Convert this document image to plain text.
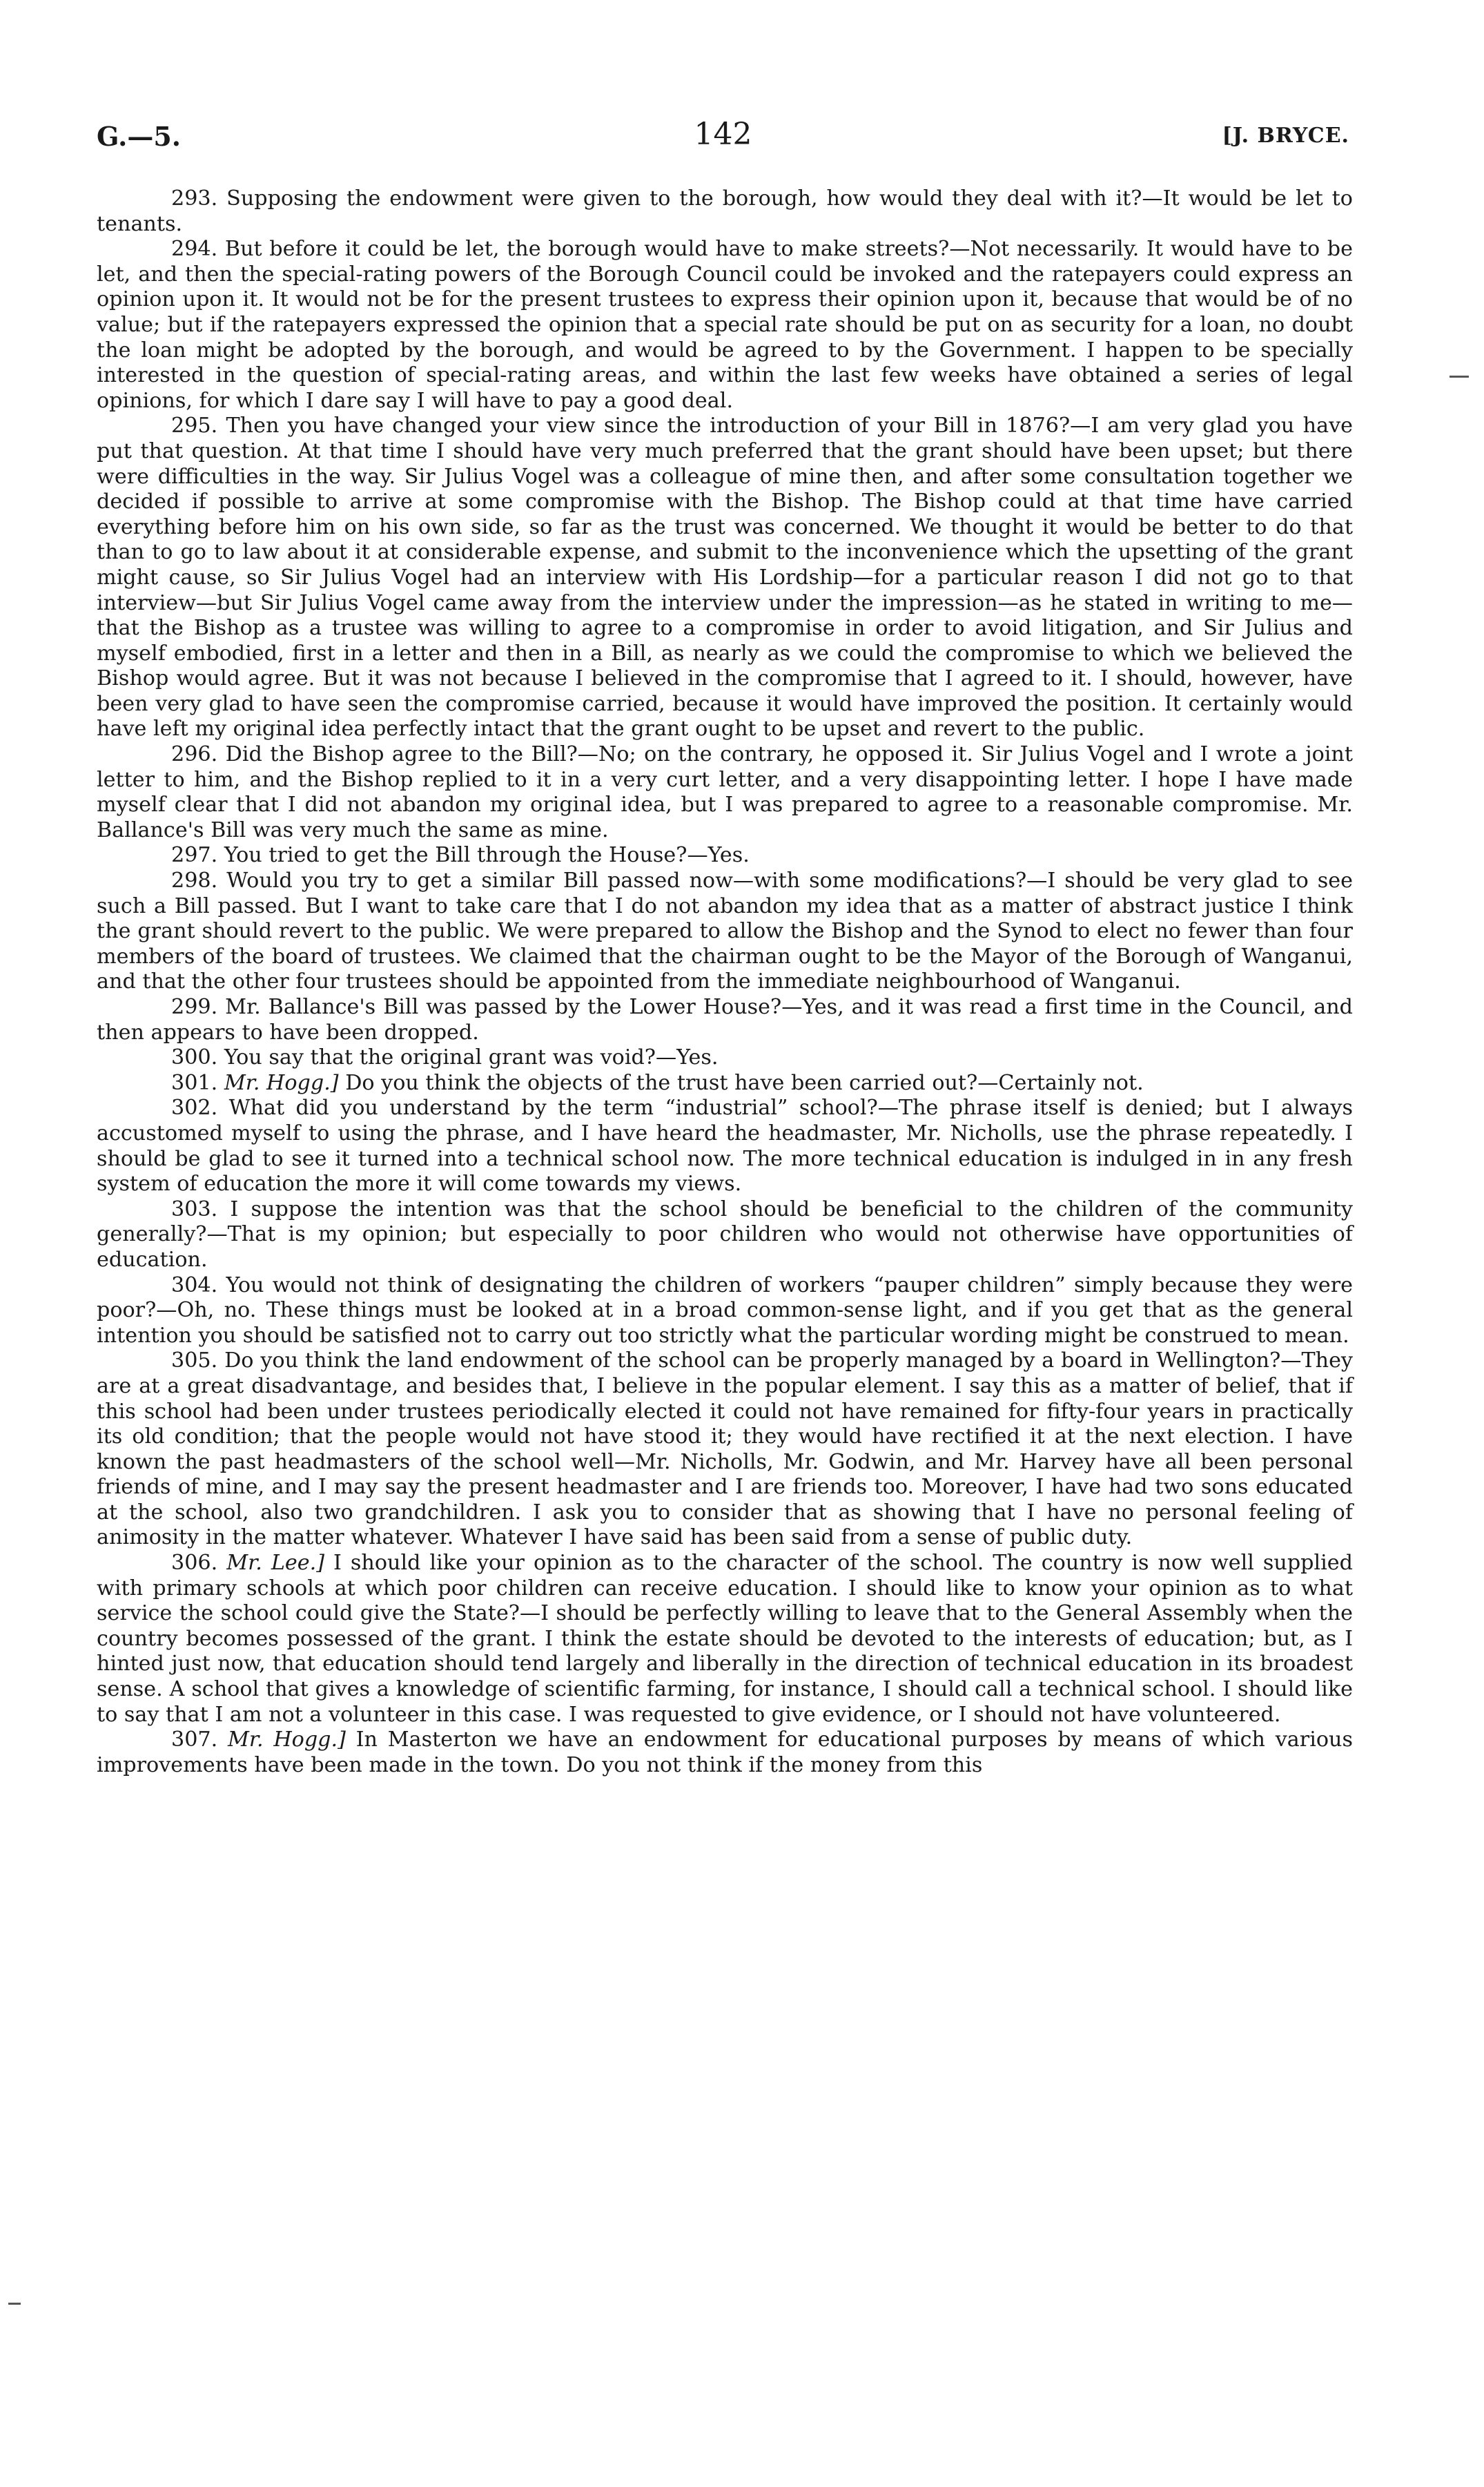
G.—5.	142	[J. BRYCE.

293. Supposing the endowment were given to the borough, how would they deal with it?—It would be let to tenants.

294. But before it could be let, the borough would have to make streets?—Not necessarily. It would have to be let, and then the special-rating powers of the Borough Council could be invoked and the ratepayers could express an opinion upon it. It would not be for the present trustees to express their opinion upon it, because that would be of no value; but if the ratepayers expressed the opinion that a special rate should be put on as security for a loan, no doubt the loan might be adopted by the borough, and would be agreed to by the Government. I happen to be specially interested in the question of special-rating areas, and within the last few weeks have obtained a series of legal opinions, for which I dare say I will have to pay a good deal.

295. Then you have changed your view since the introduction of your Bill in 1876?—I am very glad you have put that question. At that time I should have very much preferred that the grant should have been upset; but there were difficulties in the way. Sir Julius Vogel was a colleague of mine then, and after some consultation together we decided if possible to arrive at some compromise with the Bishop. The Bishop could at that time have carried everything before him on his own side, so far as the trust was concerned. We thought it would be better to do that than to go to law about it at considerable expense, and submit to the inconvenience which the upsetting of the grant might cause, so Sir Julius Vogel had an interview with His Lordship—for a particular reason I did not go to that interview—but Sir Julius Vogel came away from the interview under the impression—as he stated in writing to me—that the Bishop as a trustee was willing to agree to a compromise in order to avoid litigation, and Sir Julius and myself embodied, first in a letter and then in a Bill, as nearly as we could the compromise to which we believed the Bishop would agree. But it was not because I believed in the compromise that I agreed to it. I should, however, have been very glad to have seen the compromise carried, because it would have improved the position. It certainly would have left my original idea perfectly intact that the grant ought to be upset and revert to the public.

296. Did the Bishop agree to the Bill?—No; on the contrary, he opposed it. Sir Julius Vogel and I wrote a joint letter to him, and the Bishop replied to it in a very curt letter, and a very disappointing letter. I hope I have made myself clear that I did not abandon my original idea, but I was prepared to agree to a reasonable compromise. Mr. Ballance's Bill was very much the same as mine.

297. You tried to get the Bill through the House?—Yes.

298. Would you try to get a similar Bill passed now—with some modifications?—I should be very glad to see such a Bill passed. But I want to take care that I do not abandon my idea that as a matter of abstract justice I think the grant should revert to the public. We were prepared to allow the Bishop and the Synod to elect no fewer than four members of the board of trustees. We claimed that the chairman ought to be the Mayor of the Borough of Wanganui, and that the other four trustees should be appointed from the immediate neighbourhood of Wanganui.

299. Mr. Ballance's Bill was passed by the Lower House?—Yes, and it was read a first time in the Council, and then appears to have been dropped.

300. You say that the original grant was void?—Yes.

301. Mr. Hogg.] Do you think the objects of the trust have been carried out?—Certainly not.

302. What did you understand by the term “industrial” school?—The phrase itself is denied; but I always accustomed myself to using the phrase, and I have heard the headmaster, Mr. Nicholls, use the phrase repeatedly. I should be glad to see it turned into a technical school now. The more technical education is indulged in in any fresh system of education the more it will come towards my views.

303. I suppose the intention was that the school should be beneficial to the children of the community generally?—That is my opinion; but especially to poor children who would not otherwise have opportunities of education.

304. You would not think of designating the children of workers “pauper children” simply because they were poor?—Oh, no. These things must be looked at in a broad common-sense light, and if you get that as the general intention you should be satisfied not to carry out too strictly what the particular wording might be construed to mean.

305. Do you think the land endowment of the school can be properly managed by a board in Wellington?—They are at a great disadvantage, and besides that, I believe in the popular element. I say this as a matter of belief, that if this school had been under trustees periodically elected it could not have remained for fifty-four years in practically its old condition; that the people would not have stood it; they would have rectified it at the next election. I have known the past headmasters of the school well—Mr. Nicholls, Mr. Godwin, and Mr. Harvey have all been personal friends of mine, and I may say the present headmaster and I are friends too. Moreover, I have had two sons educated at the school, also two grandchildren. I ask you to consider that as showing that I have no personal feeling of animosity in the matter whatever. Whatever I have said has been said from a sense of public duty.

306. Mr. Lee.] I should like your opinion as to the character of the school. The country is now well supplied with primary schools at which poor children can receive education. I should like to know your opinion as to what service the school could give the State?—I should be perfectly willing to leave that to the General Assembly when the country becomes possessed of the grant. I think the estate should be devoted to the interests of education; but, as I hinted just now, that education should tend largely and liberally in the direction of technical education in its broadest sense. A school that gives a knowledge of scientific farming, for instance, I should call a technical school. I should like to say that I am not a volunteer in this case. I was requested to give evidence, or I should not have volunteered.

307. Mr. Hogg.] In Masterton we have an endowment for educational purposes by means of which various improvements have been made in the town. Do you not think if the money from this
